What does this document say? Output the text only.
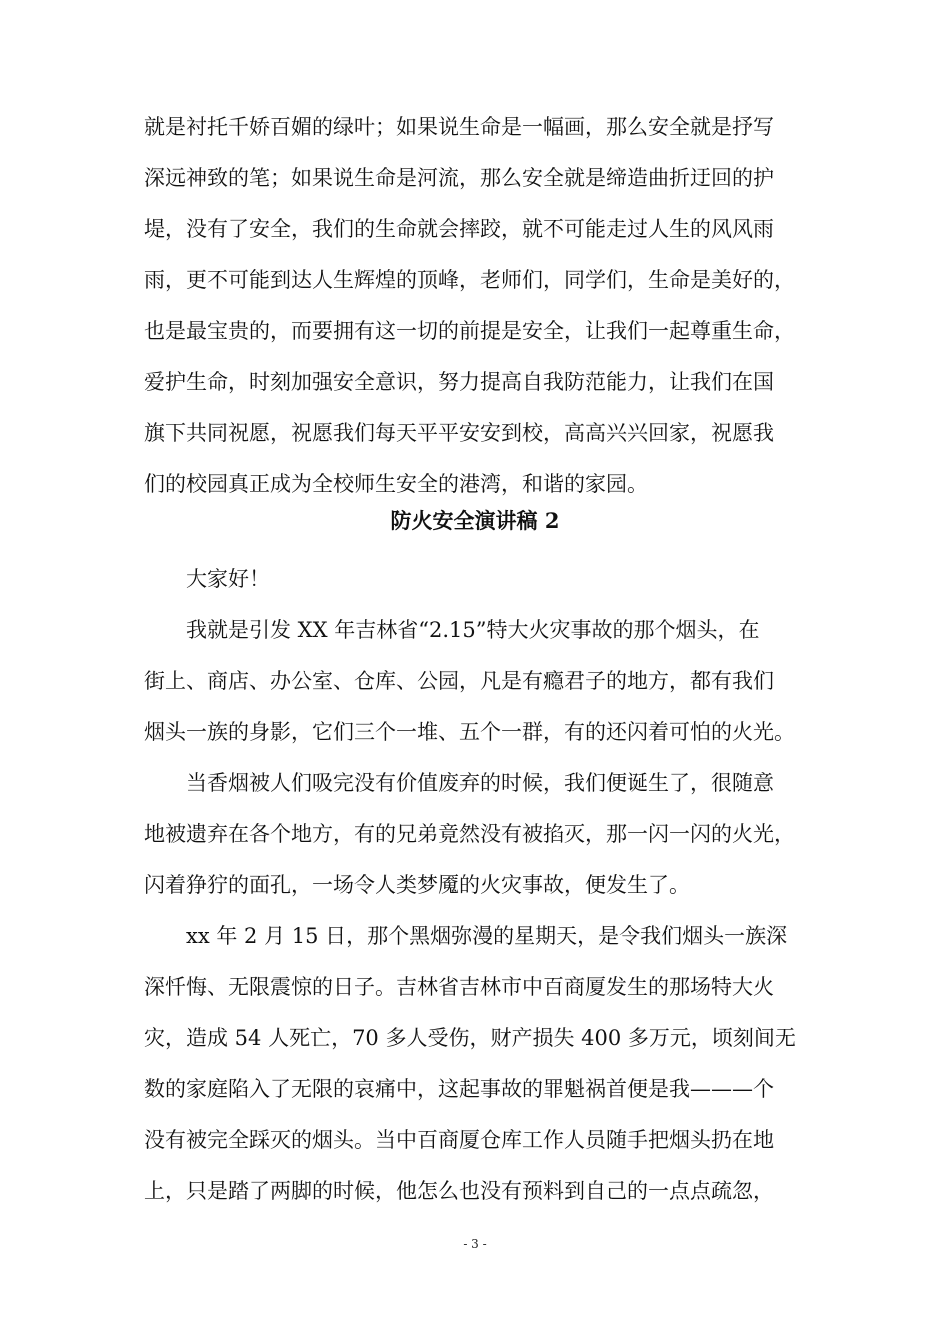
就是衬托千娇百媚的绿叶；如果说生命是一幅画，那么安全就是抒写
深远神致的笔；如果说生命是河流，那么安全就是缔造曲折迂回的护
堤，没有了安全，我们的生命就会摔跤，就不可能走过人生的风风雨
雨，更不可能到达人生辉煌的顶峰，老师们，同学们，生命是美好的，
也是最宝贵的，而要拥有这一切的前提是安全，让我们一起尊重生命，
爱护生命，时刻加强安全意识，努力提高自我防范能力，让我们在国
旗下共同祝愿，祝愿我们每天平平安安到校，高高兴兴回家，祝愿我
们的校园真正成为全校师生安全的港湾，和谐的家园。
防火安全演讲稿 2
　　大家好！
　　我就是引发 XX 年吉林省“2.15”特大火灾事故的那个烟头，在
街上、商店、办公室、仓库、公园，凡是有瘾君子的地方，都有我们
烟头一族的身影，它们三个一堆、五个一群，有的还闪着可怕的火光。
　　当香烟被人们吸完没有价值废弃的时候，我们便诞生了，很随意
地被遗弃在各个地方，有的兄弟竟然没有被掐灭，那一闪一闪的火光，
闪着狰狞的面孔，一场令人类梦魇的火灾事故，便发生了。
　　xx 年 2 月 15 日，那个黑烟弥漫的星期天，是令我们烟头一族深
深忏悔、无限震惊的日子。吉林省吉林市中百商厦发生的那场特大火
灾，造成 54 人死亡，70 多人受伤，财产损失 400 多万元，顷刻间无
数的家庭陷入了无限的哀痛中，这起事故的罪魁祸首便是我———个
没有被完全踩灭的烟头。当中百商厦仓库工作人员随手把烟头扔在地
上，只是踏了两脚的时候，他怎么也没有预料到自己的一点点疏忽，
- 3 -
